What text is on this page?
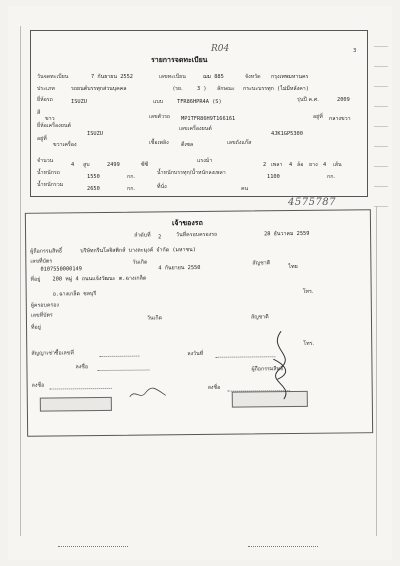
R04	3
รายการจดทะเบียน
วันจดทะเบียน	7 กันยายน 2552	เลขทะเบียน	ฌม 885	จังหวัด กรุงเทพมหานคร
ประเภท	รถยนต์บรรทุกส่วนบุคคล	(รย.	3 ) ลักษณะ กระบะบรรทุก (ไม่มีหลังคา)
ยี่ห้อรถ	ISUZU	แบบ	TFR86HPR4A (S)	รุ่นปี ค.ศ.	2009
สี
ขาว	เลขตัวรถ MP1TFR86H9T166161	อยู่ที่ กลางขวา
ยี่ห้อเครื่องยนต์
ISUZU
เลขเครื่องยนต์
4JK1GP5300
อยู่ที่
ขวาเครื่อง	เชื้อเพลิง ดีเซล	เลขถังแก๊ส
จำนวน
4 สูบ	2499	ซีซี
แรงม้า
2 เพลา 4 ล้อ ยาง 4 เส้น
น้ำหนักรถ
1550	กก.
น้ำหนักบรรทุก/น้ำหนักลงเพลา
1100	กก.
น้ำหนักรวม
2650	กก.	ที่นั่ง	คน
4575787
เจ้าของรถ
ลำดับที่ 2	วันที่ครอบครองรถ	28 ธันวาคม 2559
ผู้ถือกรรมสิทธิ์	บริษัทกรีนโลจิสติกส์ บางละมุงค์ จำกัด (มหาชน)
เลขที่บัตร
0107550000149
วันเกิด
4 กันยายน 2550
สัญชาติ
ไทย
ที่อยู่ 200 หมู่ 4 ถนนแจ้งวัฒนะ ต.ฉางเกล็ด
อ.ฉางเกล็ด ชลบุรี	โทร.
ผู้ครอบครอง
เลขที่บัตร	วันเกิด	สัญชาติ
ที่อยู่
โทร.
สัญญาเช่าซื้อเลขที่	ลงวันที่
ลงชื่อ	ผู้ถือกรรมสิทธิ์
ลงชื่อ	ลงชื่อ
